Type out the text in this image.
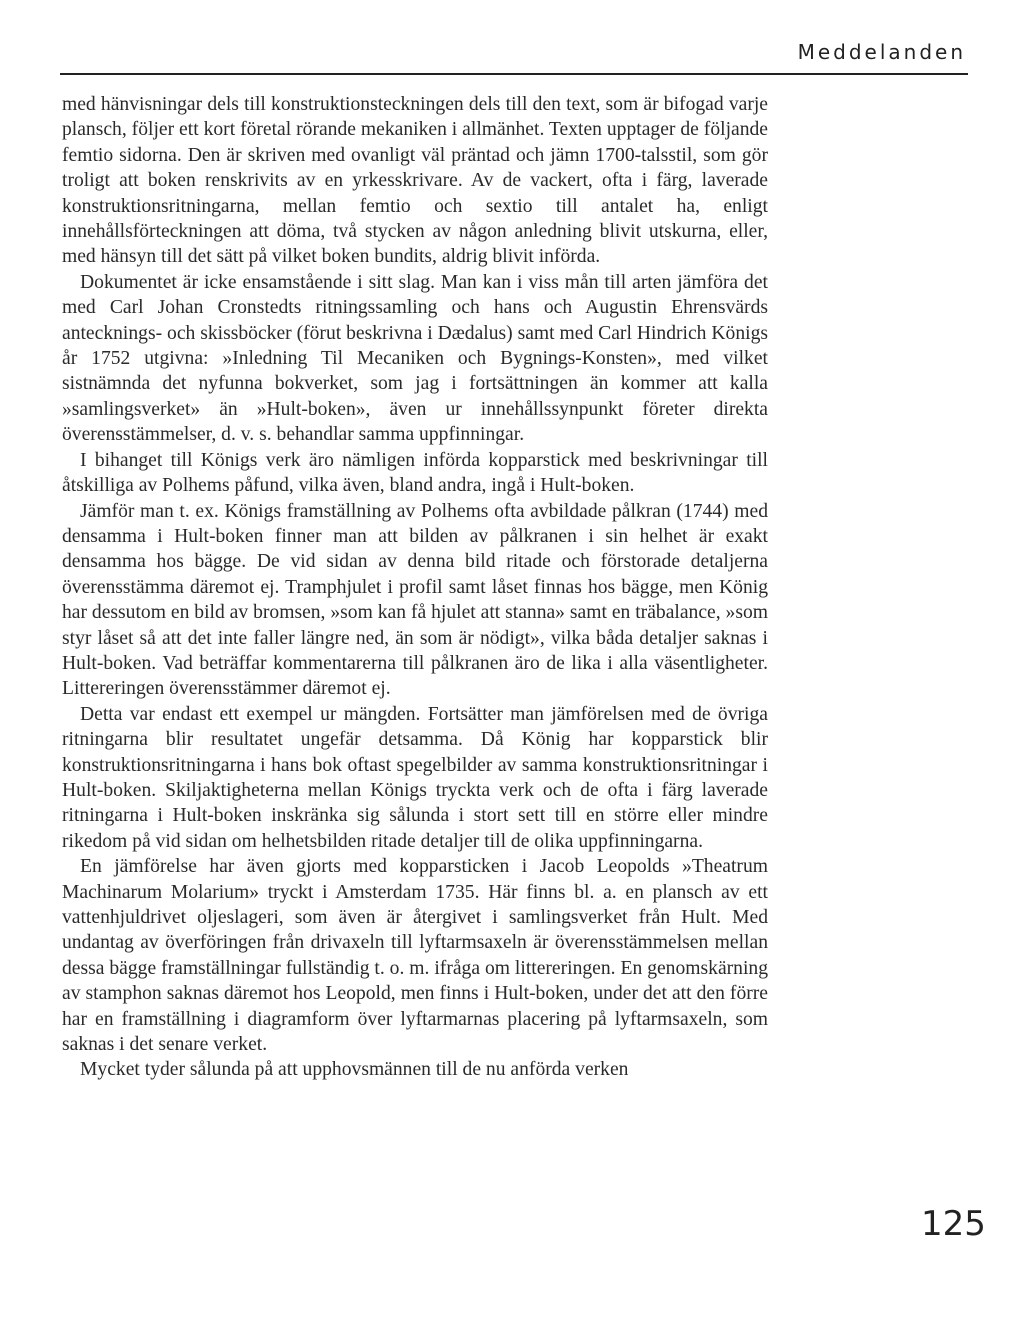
Meddelanden

med hänvisningar dels till konstruktionsteckningen dels till den text, som är bifogad varje plansch, följer ett kort företal rörande mekaniken i allmänhet. Texten upptager de följande femtio sidorna. Den är skriven med ovanligt väl präntad och jämn 1700-talsstil, som gör troligt att boken renskrivits av en yrkesskrivare. Av de vackert, ofta i färg, laverade konstruktionsritningarna, mellan femtio och sextio till antalet ha, enligt innehållsförteckningen att döma, två stycken av någon anledning blivit utskurna, eller, med hänsyn till det sätt på vilket boken bundits, aldrig blivit införda.

Dokumentet är icke ensamstående i sitt slag. Man kan i viss mån till arten jämföra det med Carl Johan Cronstedts ritningssamling och hans och Augustin Ehrensvärds antecknings- och skissböcker (förut beskrivna i Dædalus) samt med Carl Hindrich Königs år 1752 utgivna: »Inledning Til Mecaniken och Bygnings-Konsten», med vilket sistnämnda det nyfunna bokverket, som jag i fortsättningen än kommer att kalla »samlingsverket» än »Hult-boken», även ur innehållssynpunkt företer direkta överensstämmelser, d. v. s. behandlar samma uppfinningar.

I bihanget till Königs verk äro nämligen införda kopparstick med beskrivningar till åtskilliga av Polhems påfund, vilka även, bland andra, ingå i Hult-boken.

Jämför man t. ex. Königs framställning av Polhems ofta avbildade pålkran (1744) med densamma i Hult-boken finner man att bilden av pålkranen i sin helhet är exakt densamma hos bägge. De vid sidan av denna bild ritade och förstorade detaljerna överensstämma däremot ej. Tramphjulet i profil samt låset finnas hos bägge, men König har dessutom en bild av bromsen, »som kan få hjulet att stanna» samt en träbalance, »som styr låset så att det inte faller längre ned, än som är nödigt», vilka båda detaljer saknas i Hult-boken. Vad beträffar kommentarerna till pålkranen äro de lika i alla väsentligheter. Littereringen överensstämmer däremot ej.

Detta var endast ett exempel ur mängden. Fortsätter man jämförelsen med de övriga ritningarna blir resultatet ungefär detsamma. Då König har kopparstick blir konstruktionsritningarna i hans bok oftast spegelbilder av samma konstruktionsritningar i Hult-boken. Skiljaktigheterna mellan Königs tryckta verk och de ofta i färg laverade ritningarna i Hult-boken inskränka sig sålunda i stort sett till en större eller mindre rikedom på vid sidan om helhetsbilden ritade detaljer till de olika uppfinningarna.

En jämförelse har även gjorts med kopparsticken i Jacob Leopolds »Theatrum Machinarum Molarium» tryckt i Amsterdam 1735. Här finns bl. a. en plansch av ett vattenhjuldrivet oljeslageri, som även är återgivet i samlingsverket från Hult. Med undantag av överföringen från drivaxeln till lyftarmsaxeln är överensstämmelsen mellan dessa bägge framställningar fullständig t. o. m. ifråga om littereringen. En genomskärning av stamphon saknas däremot hos Leopold, men finns i Hult-boken, under det att den förre har en framställning i diagramform över lyftarmarnas placering på lyftarmsaxeln, som saknas i det senare verket.

Mycket tyder sålunda på att upphovsmännen till de nu anförda verken

125
